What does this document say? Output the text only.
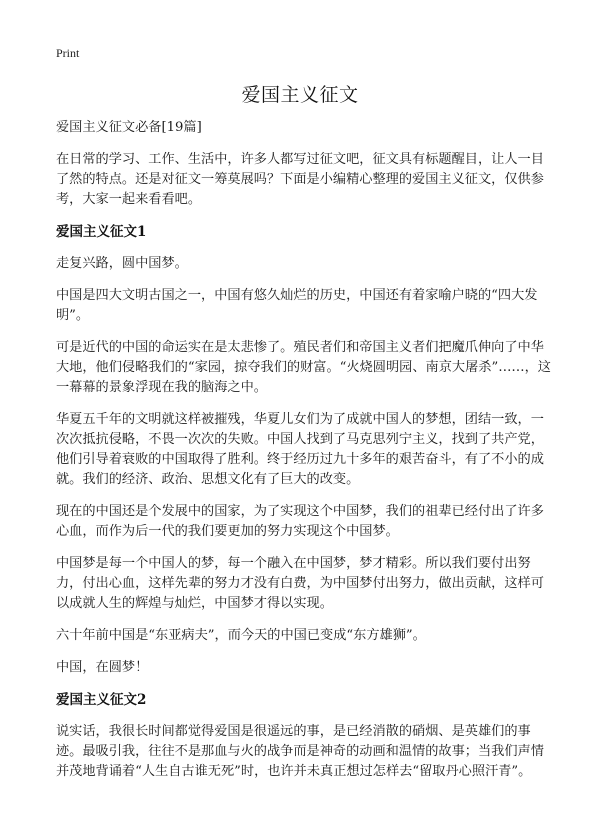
Print
爱国主义征文

爱国主义征文必备[19篇]

在日常的学习、工作、生活中，许多人都写过征文吧，征文具有标题醒目，让人一目了然的特点。还是对征文一筹莫展吗？下面是小编精心整理的爱国主义征文，仅供参考，大家一起来看看吧。

爱国主义征文1

走复兴路，圆中国梦。

中国是四大文明古国之一，中国有悠久灿烂的历史，中国还有着家喻户晓的“四大发明”。

可是近代的中国的命运实在是太悲惨了。殖民者们和帝国主义者们把魔爪伸向了中华大地，他们侵略我们的“家园，掠夺我们的财富。“火烧圆明园、南京大屠杀”……，这一幕幕的景象浮现在我的脑海之中。

华夏五千年的文明就这样被摧残，华夏儿女们为了成就中国人的梦想，团结一致，一次次抵抗侵略，不畏一次次的失败。中国人找到了马克思列宁主义，找到了共产党，他们引导着衰败的中国取得了胜利。终于经历过九十多年的艰苦奋斗，有了不小的成就。我们的经济、政治、思想文化有了巨大的改变。

现在的中国还是个发展中的国家，为了实现这个中国梦，我们的祖辈已经付出了许多心血，而作为后一代的我们要更加的努力实现这个中国梦。

中国梦是每一个中国人的梦，每一个融入在中国梦，梦才精彩。所以我们要付出努力，付出心血，这样先辈的努力才没有白费，为中国梦付出努力，做出贡献，这样可以成就人生的辉煌与灿烂，中国梦才得以实现。

六十年前中国是“东亚病夫”，而今天的中国已变成“东方雄狮”。

中国，在圆梦！

爱国主义征文2

说实话，我很长时间都觉得爱国是很遥远的事，是已经消散的硝烟、是英雄们的事迹。最吸引我，往往不是那血与火的战争而是神奇的动画和温情的故事；当我们声情并茂地背诵着“人生自古谁无死”时，也许并未真正想过怎样去“留取丹心照汗青”。
